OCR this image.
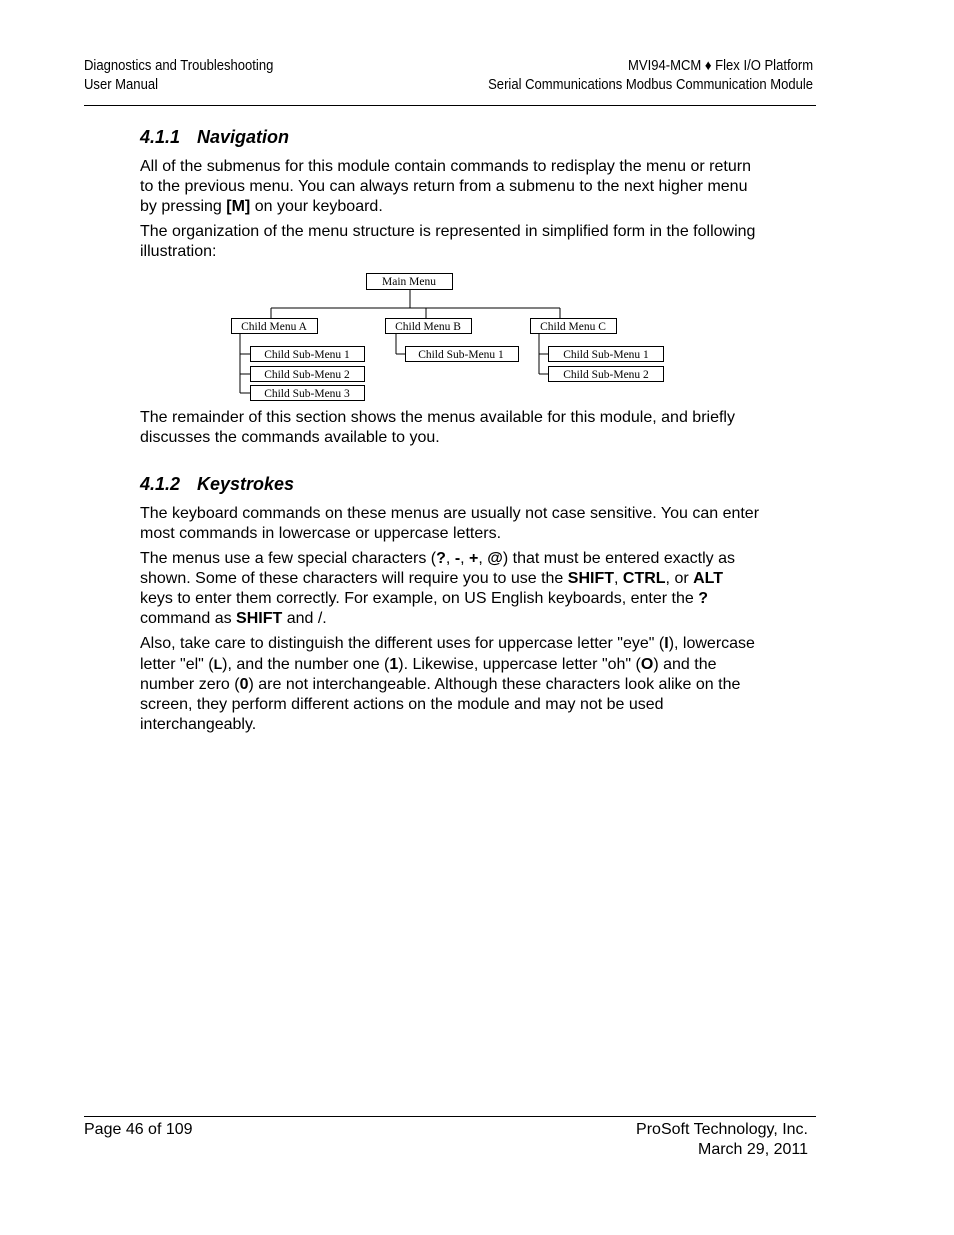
Diagnostics and Troubleshooting
User Manual
MVI94-MCM ♦ Flex I/O Platform
Serial Communications Modbus Communication Module
4.1.1 Navigation

All of the submenus for this module contain commands to redisplay the menu or return to the previous menu. You can always return from a submenu to the next higher menu by pressing [M] on your keyboard.

The organization of the menu structure is represented in simplified form in the following illustration:

Main Menu
Child Menu A	Child Menu B	Child Menu C
Child Sub-Menu 1
Child Sub-Menu 2
Child Sub-Menu 3
Child Sub-Menu 1	Child Sub-Menu 1
Child Sub-Menu 2

The remainder of this section shows the menus available for this module, and briefly discusses the commands available to you.

4.1.2 Keystrokes

The keyboard commands on these menus are usually not case sensitive. You can enter most commands in lowercase or uppercase letters.

The menus use a few special characters (?, -, +, @) that must be entered exactly as shown. Some of these characters will require you to use the SHIFT, CTRL, or ALT keys to enter them correctly. For example, on US English keyboards, enter the ? command as SHIFT and /.

Also, take care to distinguish the different uses for uppercase letter "eye" (I), lowercase letter "el" (L), and the number one (1). Likewise, uppercase letter "oh" (O) and the number zero (0) are not interchangeable. Although these characters look alike on the screen, they perform different actions on the module and may not be used interchangeably.

Page 46 of 109	ProSoft Technology, Inc.
March 29, 2011
